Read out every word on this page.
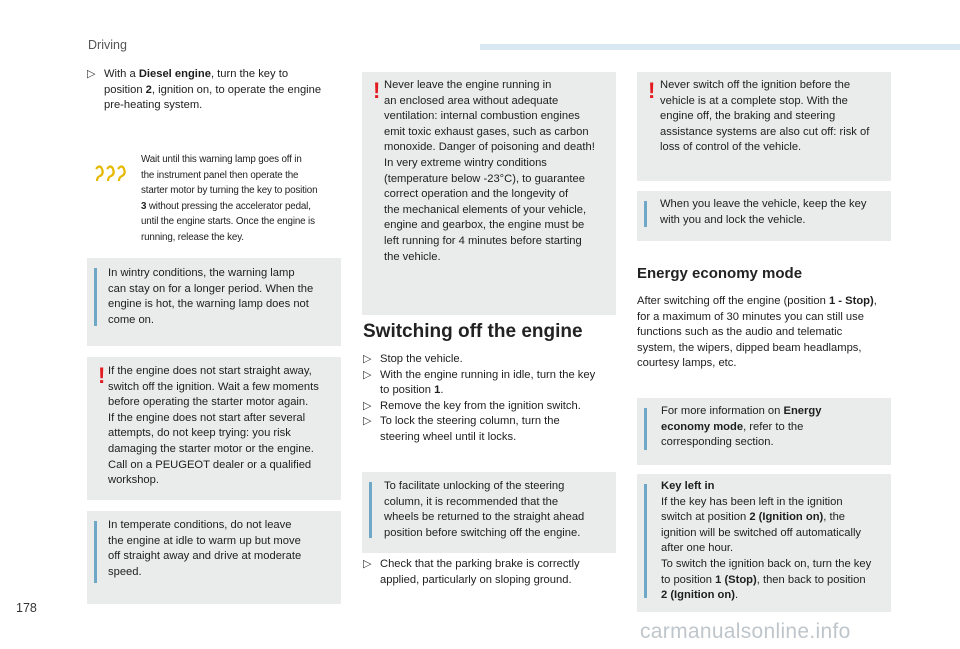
Driving
▷ With a Diesel engine, turn the key to
position 2, ignition on, to operate the engine
pre-heating system.
Wait until this warning lamp goes off in
the instrument panel then operate the
starter motor by turning the key to position
3 without pressing the accelerator pedal,
until the engine starts. Once the engine is
running, release the key.
In wintry conditions, the warning lamp
can stay on for a longer period. When the
engine is hot, the warning lamp does not
come on.
! If the engine does not start straight away,
switch off the ignition. Wait a few moments
before operating the starter motor again.
If the engine does not start after several
attempts, do not keep trying: you risk
damaging the starter motor or the engine.
Call on a PEUGEOT dealer or a qualified
workshop.
In temperate conditions, do not leave
the engine at idle to warm up but move
off straight away and drive at moderate
speed.
! Never leave the engine running in
an enclosed area without adequate
ventilation: internal combustion engines
emit toxic exhaust gases, such as carbon
monoxide. Danger of poisoning and death!
In very extreme wintry conditions
(temperature below -23°C), to guarantee
correct operation and the longevity of
the mechanical elements of your vehicle,
engine and gearbox, the engine must be
left running for 4 minutes before starting
the vehicle.
Switching off the engine
▷ Stop the vehicle.
▷ With the engine running in idle, turn the key
to position 1.
▷ Remove the key from the ignition switch.
▷ To lock the steering column, turn the
steering wheel until it locks.
To facilitate unlocking of the steering
column, it is recommended that the
wheels be returned to the straight ahead
position before switching off the engine.
▷ Check that the parking brake is correctly
applied, particularly on sloping ground.
! Never switch off the ignition before the
vehicle is at a complete stop. With the
engine off, the braking and steering
assistance systems are also cut off: risk of
loss of control of the vehicle.
When you leave the vehicle, keep the key
with you and lock the vehicle.
Energy economy mode
After switching off the engine (position 1 - Stop),
for a maximum of 30 minutes you can still use
functions such as the audio and telematic
system, the wipers, dipped beam headlamps,
courtesy lamps, etc.
For more information on Energy
economy mode, refer to the
corresponding section.
Key left in
If the key has been left in the ignition
switch at position 2 (Ignition on), the
ignition will be switched off automatically
after one hour.
To switch the ignition back on, turn the key
to position 1 (Stop), then back to position
2 (Ignition on).
178
carmanualsonline.info
